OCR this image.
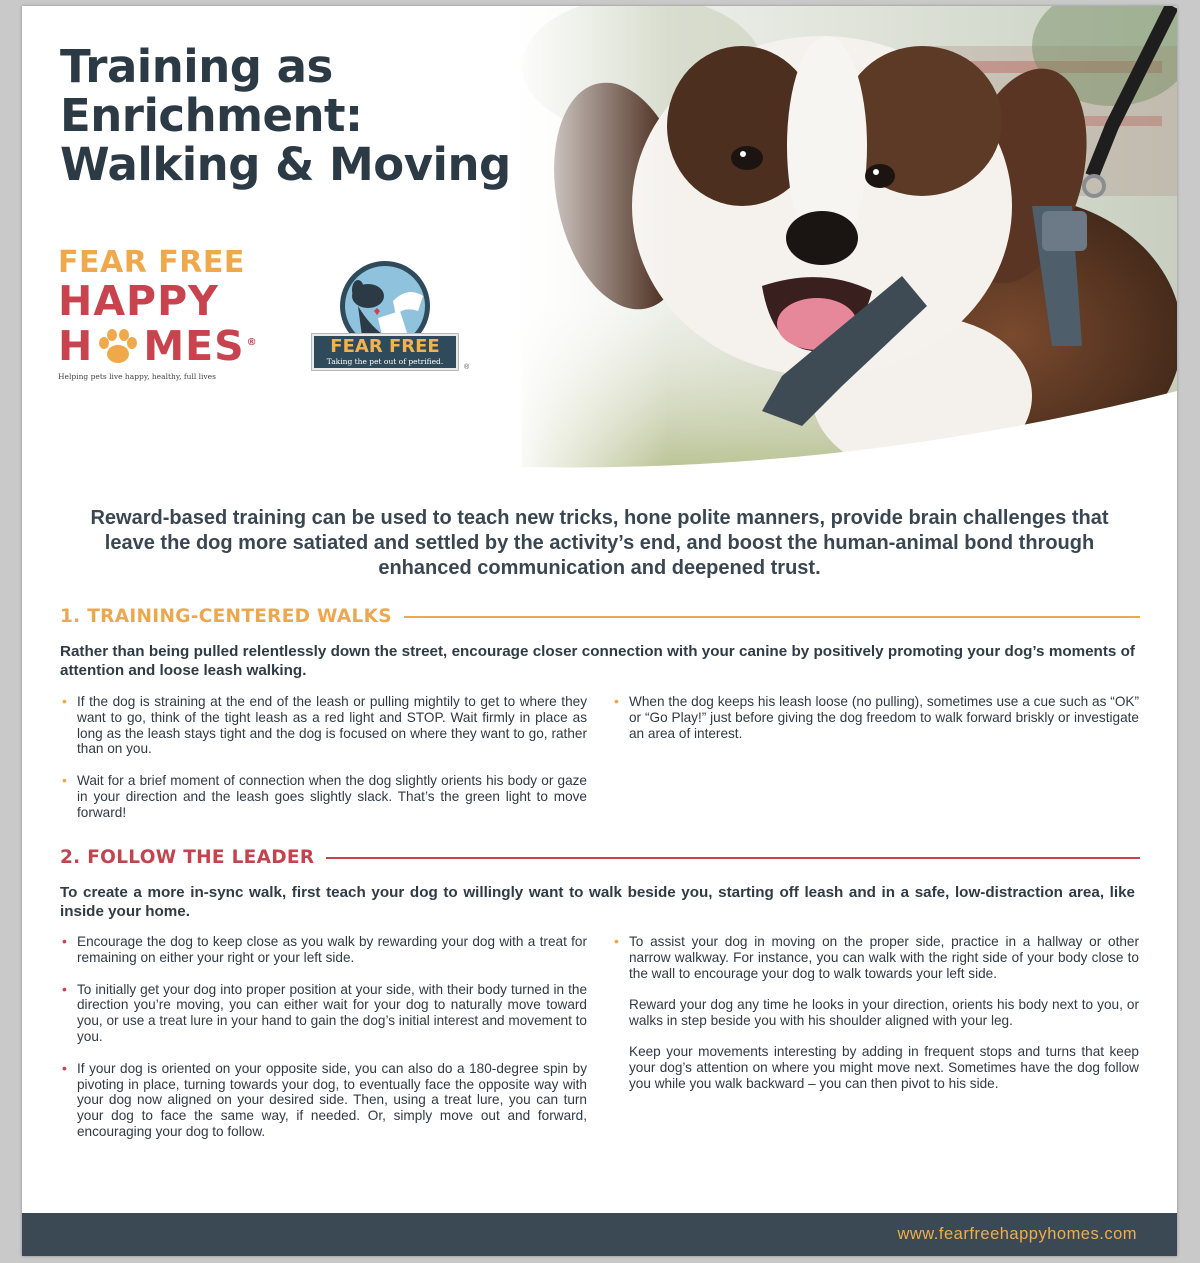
Training as
Enrichment:
Walking & Moving
FEAR FREE
HAPPY
H MES ®
Helping pets live happy, healthy, full lives
FEAR FREE
Taking the pet out of petrified.
®
Reward-based training can be used to teach new tricks, hone polite manners, provide brain challenges that leave the dog more satiated and settled by the activity’s end, and boost the human-animal bond through enhanced communication and deepened trust.
1. TRAINING-CENTERED WALKS
Rather than being pulled relentlessly down the street, encourage closer connection with your canine by positively promoting your dog’s moments of attention and loose leash walking.
• If the dog is straining at the end of the leash or pulling mightily to get to where they want to go, think of the tight leash as a red light and STOP. Wait firmly in place as long as the leash stays tight and the dog is focused on where they want to go, rather than on you.
• Wait for a brief moment of connection when the dog slightly orients his body or gaze in your direction and the leash goes slightly slack. That’s the green light to move forward!
• When the dog keeps his leash loose (no pulling), sometimes use a cue such as “OK” or “Go Play!” just before giving the dog freedom to walk forward briskly or investigate an area of interest.
2. FOLLOW THE LEADER
To create a more in-sync walk, first teach your dog to willingly want to walk beside you, starting off leash and in a safe, low-distraction area, like inside your home.
• Encourage the dog to keep close as you walk by rewarding your dog with a treat for remaining on either your right or your left side.
• To initially get your dog into proper position at your side, with their body turned in the direction you’re moving, you can either wait for your dog to naturally move toward you, or use a treat lure in your hand to gain the dog’s initial interest and movement to you.
• If your dog is oriented on your opposite side, you can also do a 180-degree spin by pivoting in place, turning towards your dog, to eventually face the opposite way with your dog now aligned on your desired side. Then, using a treat lure, you can turn your dog to face the same way, if needed. Or, simply move out and forward, encouraging your dog to follow.
• To assist your dog in moving on the proper side, practice in a hallway or other narrow walkway. For instance, you can walk with the right side of your body close to the wall to encourage your dog to walk towards your left side.
Reward your dog any time he looks in your direction, orients his body next to you, or walks in step beside you with his shoulder aligned with your leg.
Keep your movements interesting by adding in frequent stops and turns that keep your dog’s attention on where you might move next. Sometimes have the dog follow you while you walk backward – you can then pivot to his side.
www.fearfreehappyhomes.com
